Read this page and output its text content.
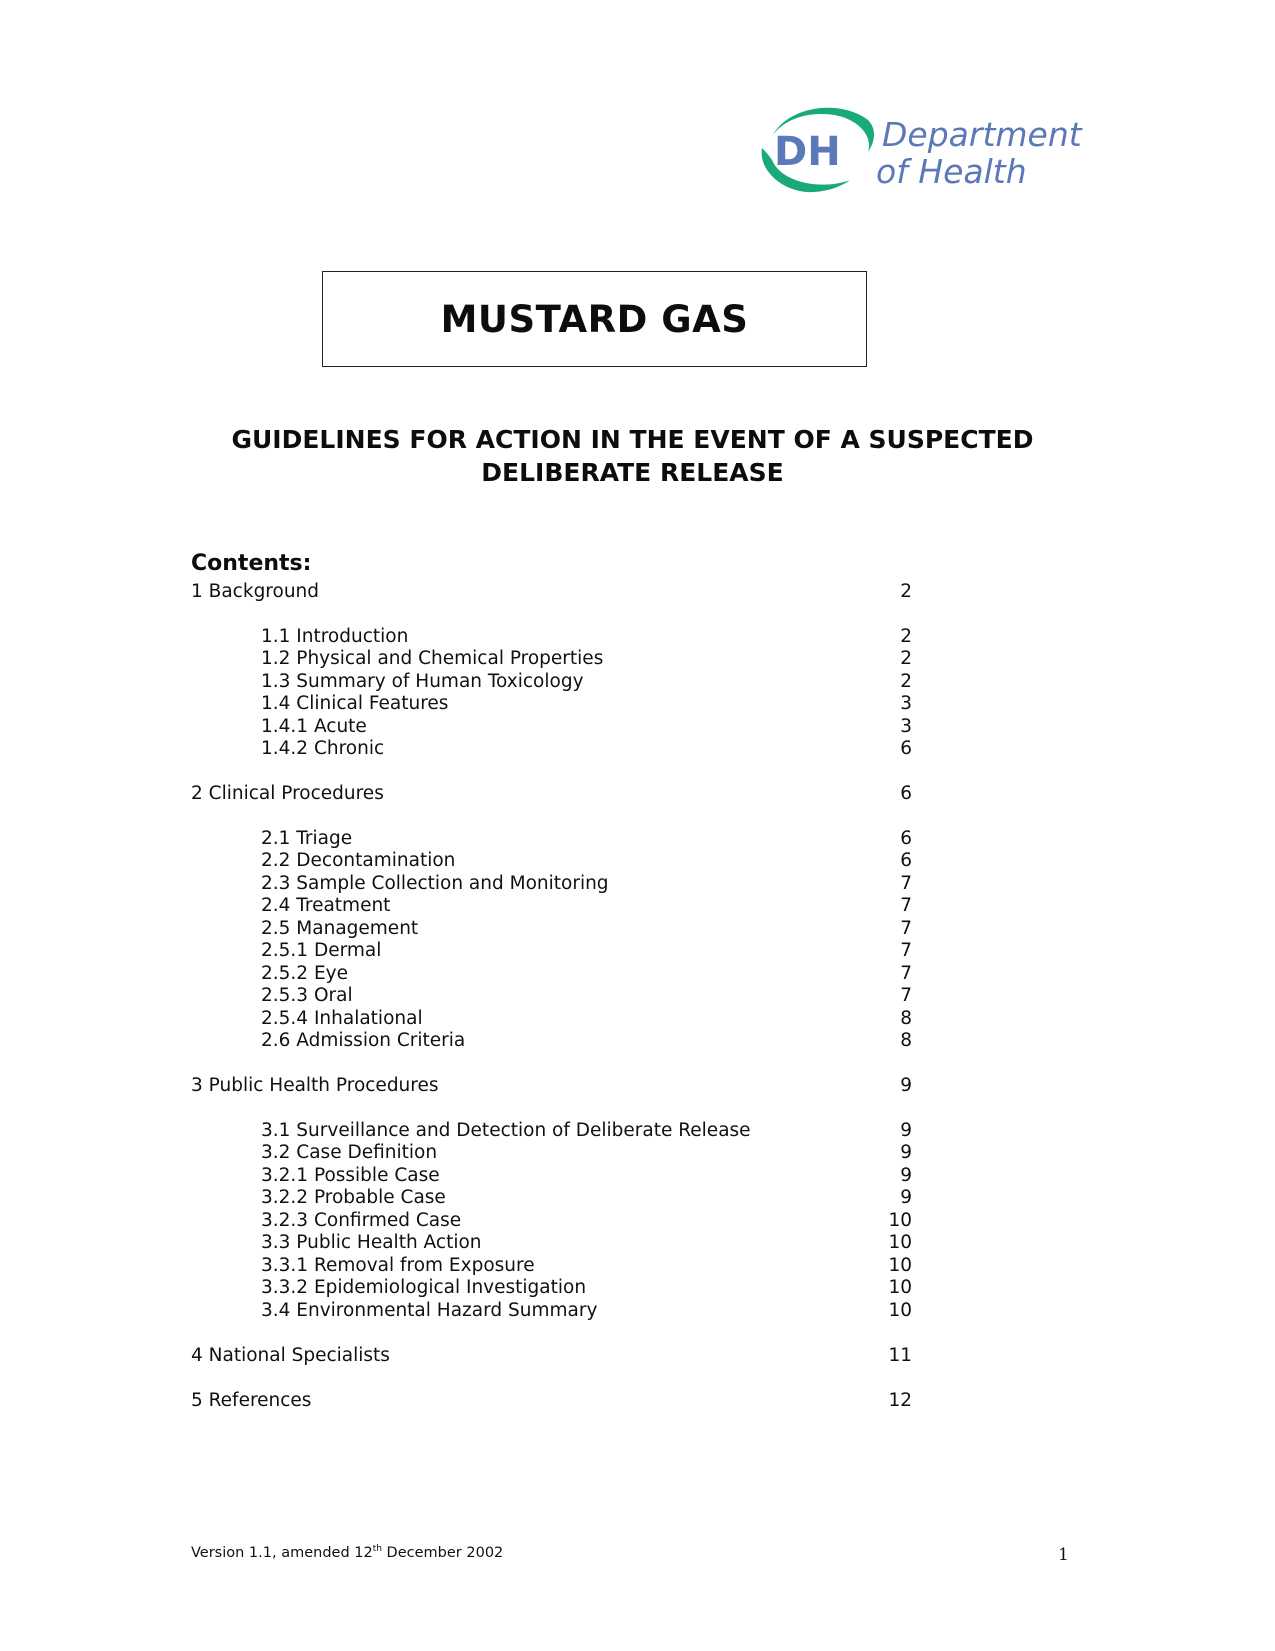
DH Department
of Health
MUSTARD GAS
GUIDELINES FOR ACTION IN THE EVENT OF A SUSPECTED
DELIBERATE RELEASE
Contents:
1 Background	2
1.1 Introduction	2
1.2 Physical and Chemical Properties	2
1.3 Summary of Human Toxicology	2
1.4 Clinical Features	3
1.4.1 Acute	3
1.4.2 Chronic	6
2 Clinical Procedures	6
2.1 Triage	6
2.2 Decontamination	6
2.3 Sample Collection and Monitoring	7
2.4 Treatment	7
2.5 Management	7
2.5.1 Dermal	7
2.5.2 Eye	7
2.5.3 Oral	7
2.5.4 Inhalational	8
2.6 Admission Criteria	8
3 Public Health Procedures	9
3.1 Surveillance and Detection of Deliberate Release	9
3.2 Case Definition	9
3.2.1 Possible Case	9
3.2.2 Probable Case	9
3.2.3 Confirmed Case	10
3.3 Public Health Action	10
3.3.1 Removal from Exposure	10
3.3.2 Epidemiological Investigation	10
3.4 Environmental Hazard Summary	10
4 National Specialists	11
5 References	12
Version 1.1, amended 12th December 2002	1
